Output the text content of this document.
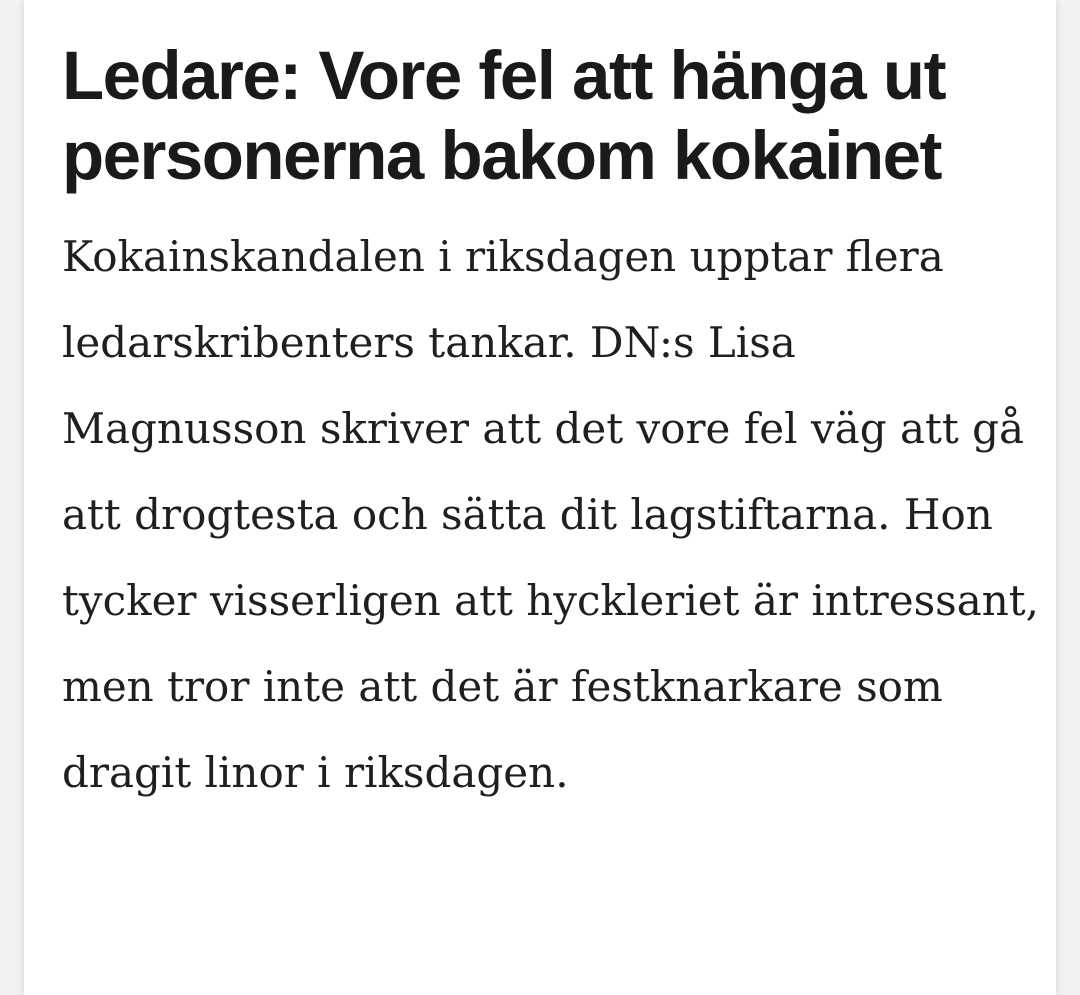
Ledare: Vore fel att hänga ut personerna bakom kokainet

Kokainskandalen i riksdagen upptar flera ledarskribenters tankar. DN:s Lisa Magnusson skriver att det vore fel väg att gå att drogtesta och sätta dit lagstiftarna. Hon tycker visserligen att hyckleriet är intressant, men tror inte att det är festknarkare som dragit linor i riksdagen.
